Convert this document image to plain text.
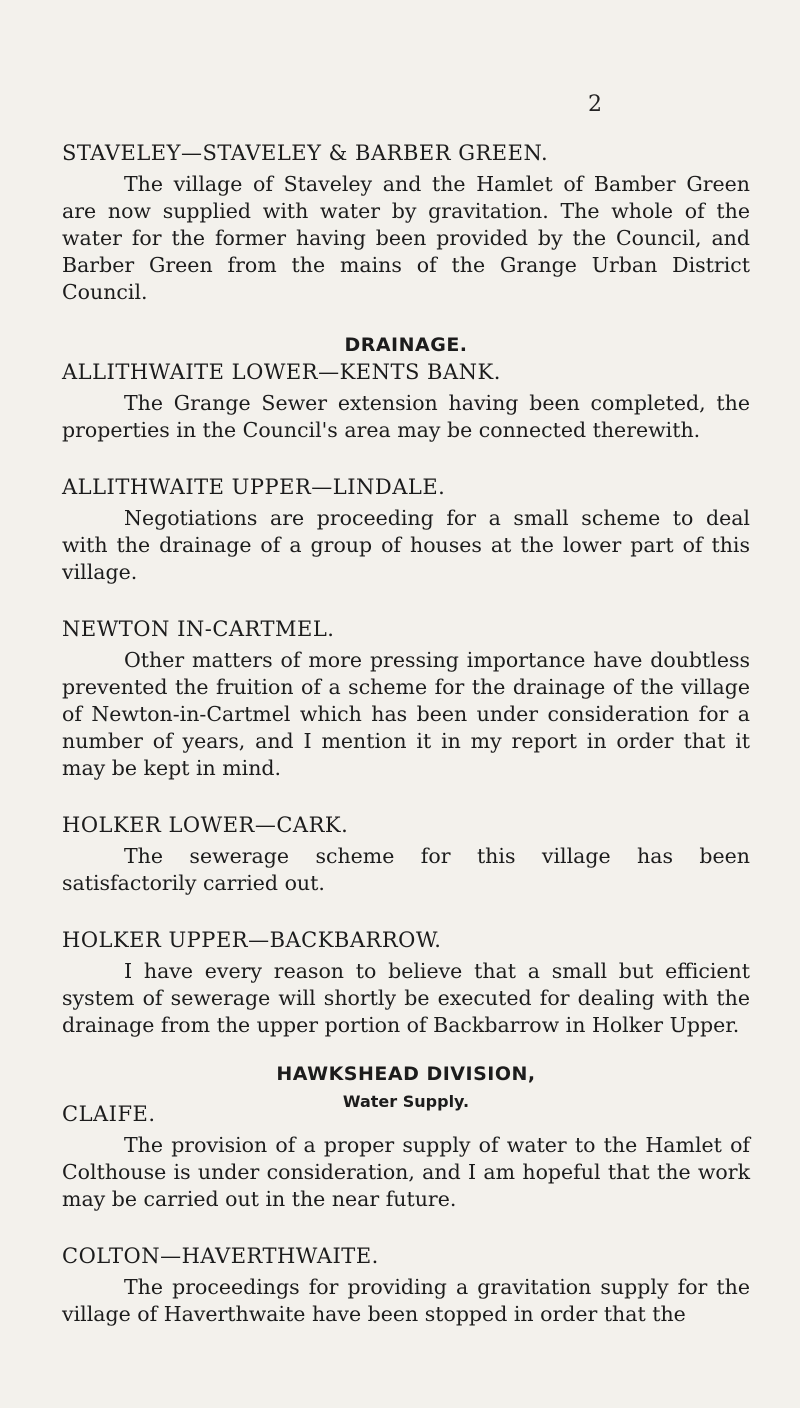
2
STAVELEY—STAVELEY & BARBER GREEN.

The village of Staveley and the Hamlet of Bamber Green are now supplied with water by gravitation. The whole of the water for the former having been provided by the Council, and Barber Green from the mains of the Grange Urban District Council.

DRAINAGE.
ALLITHWAITE LOWER—KENTS BANK.

The Grange Sewer extension having been completed, the properties in the Council's area may be connected therewith.

ALLITHWAITE UPPER—LINDALE.

Negotiations are proceeding for a small scheme to deal with the drainage of a group of houses at the lower part of this village.

NEWTON IN-CARTMEL.

Other matters of more pressing importance have doubtless prevented the fruition of a scheme for the drainage of the village of Newton-in-Cartmel which has been under consideration for a number of years, and I mention it in my report in order that it may be kept in mind.

HOLKER LOWER—CARK.

The sewerage scheme for this village has been satisfactorily carried out.

HOLKER UPPER—BACKBARROW.

I have every reason to believe that a small but efficient system of sewerage will shortly be executed for dealing with the drainage from the upper portion of Backbarrow in Holker Upper.

HAWKSHEAD DIVISION,
Water Supply.
CLAIFE.

The provision of a proper supply of water to the Hamlet of Colthouse is under consideration, and I am hopeful that the work may be carried out in the near future.

COLTON—HAVERTHWAITE.

The proceedings for providing a gravitation supply for the village of Haverthwaite have been stopped in order that the
